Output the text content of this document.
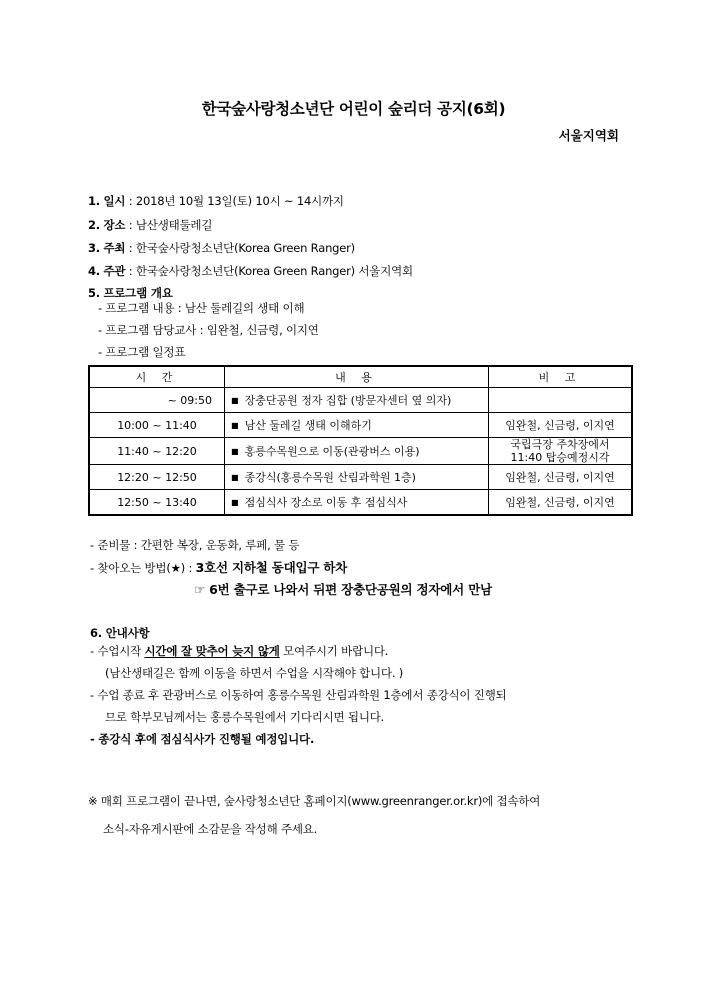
한국숲사랑청소년단 어린이 숲리더 공지(6회)
서울지역회
1. 일시 : 2018년 10월 13일(토) 10시 ~ 14시까지
2. 장소 : 남산생태둘레길
3. 주최 : 한국숲사랑청소년단(Korea Green Ranger)
4. 주관 : 한국숲사랑청소년단(Korea Green Ranger) 서울지역회
5. 프로그램 개요
- 프로그램 내용 : 남산 둘레길의 생태 이해
- 프로그램 담당교사 : 임완철, 신금령, 이지연
- 프로그램 일정표
시 간	내 용	비 고
~ 09:50	■ 장충단공원 정자 집합 (방문자센터 옆 의자)	
10:00 ~ 11:40	■ 남산 둘레길 생태 이해하기	임완철, 신금령, 이지연
11:40 ~ 12:20	■ 홍릉수목원으로 이동(관광버스 이용)	국립극장 주차장에서
11:40 탑승예정시각

12:20 ~ 12:50	■ 종강식(홍릉수목원 산림과학원 1층)	임완철, 신금령, 이지연
12:50 ~ 13:40	■ 점심식사 장소로 이동 후 점심식사	임완철, 신금령, 이지연
- 준비물 : 간편한 복장, 운동화, 루페, 물 등
- 찾아오는 방법(★) : 3호선 지하철 동대입구 하차
☞ 6번 출구로 나와서 뒤편 장충단공원의 정자에서 만남
6. 안내사항
- 수업시작 시간에 잘 맞추어 늦지 않게 모여주시기 바랍니다.
(남산생태길은 함께 이동을 하면서 수업을 시작해야 합니다. )
- 수업 종료 후 관광버스로 이동하여 홍릉수목원 산림과학원 1층에서 종강식이 진행되
므로 학부모님께서는 홍릉수목원에서 기다리시면 됩니다.
- 종강식 후에 점심식사가 진행될 예정입니다.
※ 매회 프로그램이 끝나면, 숲사랑청소년단 홈페이지(www.greenranger.or.kr)에 접속하여
소식-자유게시판에 소감문을 작성해 주세요.
